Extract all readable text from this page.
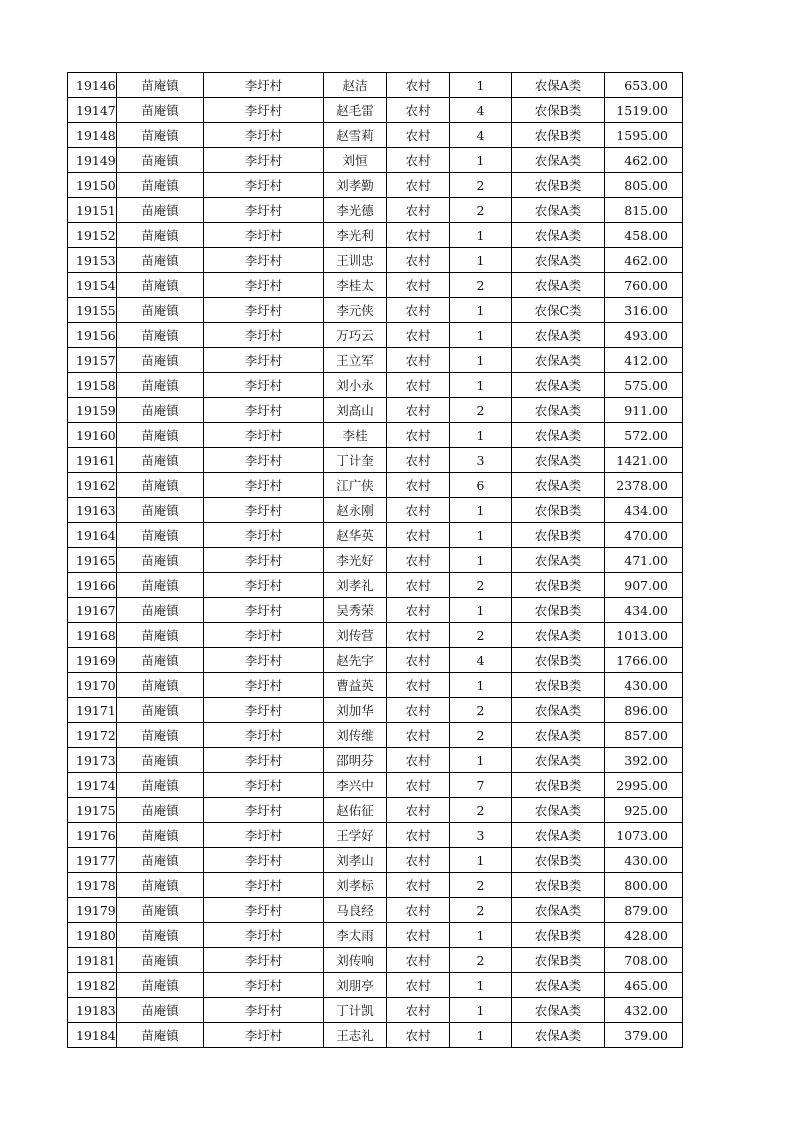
19146	苗庵镇	李圩村	赵洁	农村	1	农保A类	653.00
19147	苗庵镇	李圩村	赵毛雷	农村	4	农保B类	1519.00
19148	苗庵镇	李圩村	赵雪莉	农村	4	农保B类	1595.00
19149	苗庵镇	李圩村	刘恒	农村	1	农保A类	462.00
19150	苗庵镇	李圩村	刘孝勤	农村	2	农保B类	805.00
19151	苗庵镇	李圩村	李光德	农村	2	农保A类	815.00
19152	苗庵镇	李圩村	李光利	农村	1	农保A类	458.00
19153	苗庵镇	李圩村	王训忠	农村	1	农保A类	462.00
19154	苗庵镇	李圩村	李桂太	农村	2	农保A类	760.00
19155	苗庵镇	李圩村	李元侠	农村	1	农保C类	316.00
19156	苗庵镇	李圩村	万巧云	农村	1	农保A类	493.00
19157	苗庵镇	李圩村	王立军	农村	1	农保A类	412.00
19158	苗庵镇	李圩村	刘小永	农村	1	农保A类	575.00
19159	苗庵镇	李圩村	刘高山	农村	2	农保A类	911.00
19160	苗庵镇	李圩村	李桂	农村	1	农保A类	572.00
19161	苗庵镇	李圩村	丁计奎	农村	3	农保A类	1421.00
19162	苗庵镇	李圩村	江广侠	农村	6	农保A类	2378.00
19163	苗庵镇	李圩村	赵永刚	农村	1	农保B类	434.00
19164	苗庵镇	李圩村	赵华英	农村	1	农保B类	470.00
19165	苗庵镇	李圩村	李光好	农村	1	农保A类	471.00
19166	苗庵镇	李圩村	刘孝礼	农村	2	农保B类	907.00
19167	苗庵镇	李圩村	吴秀荣	农村	1	农保B类	434.00
19168	苗庵镇	李圩村	刘传营	农村	2	农保A类	1013.00
19169	苗庵镇	李圩村	赵先宇	农村	4	农保B类	1766.00
19170	苗庵镇	李圩村	曹益英	农村	1	农保B类	430.00
19171	苗庵镇	李圩村	刘加华	农村	2	农保A类	896.00
19172	苗庵镇	李圩村	刘传维	农村	2	农保A类	857.00
19173	苗庵镇	李圩村	邵明芬	农村	1	农保A类	392.00
19174	苗庵镇	李圩村	李兴中	农村	7	农保B类	2995.00
19175	苗庵镇	李圩村	赵佑征	农村	2	农保A类	925.00
19176	苗庵镇	李圩村	王学好	农村	3	农保A类	1073.00
19177	苗庵镇	李圩村	刘孝山	农村	1	农保B类	430.00
19178	苗庵镇	李圩村	刘孝标	农村	2	农保B类	800.00
19179	苗庵镇	李圩村	马良经	农村	2	农保A类	879.00
19180	苗庵镇	李圩村	李太雨	农村	1	农保B类	428.00
19181	苗庵镇	李圩村	刘传响	农村	2	农保B类	708.00
19182	苗庵镇	李圩村	刘朋亭	农村	1	农保A类	465.00
19183	苗庵镇	李圩村	丁计凯	农村	1	农保A类	432.00
19184	苗庵镇	李圩村	王志礼	农村	1	农保A类	379.00
